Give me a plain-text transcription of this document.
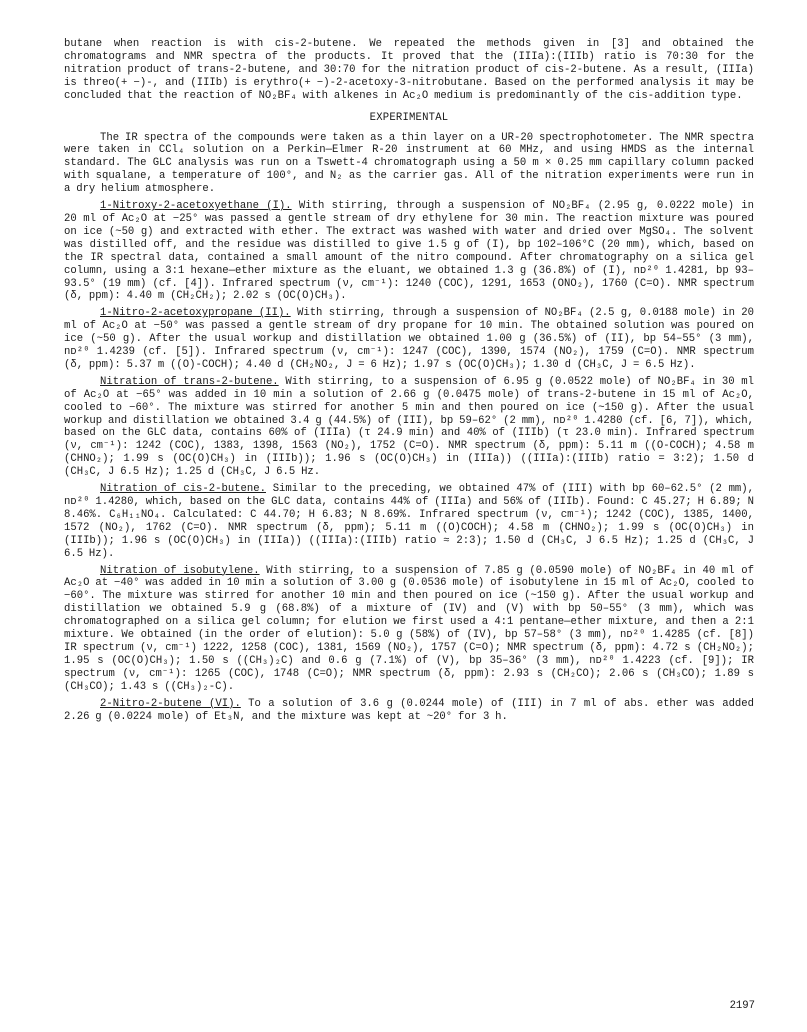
butane when reaction is with cis-2-butene. We repeated the methods given in [3] and obtained the chromatograms and NMR spectra of the products. It proved that the (IIIa):(IIIb) ratio is 70:30 for the nitration product of trans-2-butene, and 30:70 for the nitration product of cis-2-butene. As a result, (IIIa) is threo(+ −)-, and (IIIb) is erythro(+ −)-2-acetoxy-3-nitrobutane. Based on the performed analysis it may be concluded that the reaction of NO₂BF₄ with alkenes in Ac₂O medium is predominantly of the cis-addition type.

EXPERIMENTAL

The IR spectra of the compounds were taken as a thin layer on a UR-20 spectrophotometer. The NMR spectra were taken in CCl₄ solution on a Perkin—Elmer R-20 instrument at 60 MHz, and using HMDS as the internal standard. The GLC analysis was run on a Tswett-4 chromatograph using a 50 m × 0.25 mm capillary column packed with squalane, a temperature of 100°, and N₂ as the carrier gas. All of the nitration experiments were run in a dry helium atmosphere.

1-Nitroxy-2-acetoxyethane (I). With stirring, through a suspension of NO₂BF₄ (2.95 g, 0.0222 mole) in 20 ml of Ac₂O at −25° was passed a gentle stream of dry ethylene for 30 min. The reaction mixture was poured on ice (~50 g) and extracted with ether. The extract was washed with water and dried over MgSO₄. The solvent was distilled off, and the residue was distilled to give 1.5 g of (I), bp 102–106°C (20 mm), which, based on the IR spectral data, contained a small amount of the nitro compound. After chromatography on a silica gel column, using a 3:1 hexane—ether mixture as the eluant, we obtained 1.3 g (36.8%) of (I), nᴅ²⁰ 1.4281, bp 93–93.5° (19 mm) (cf. [4]). Infrared spectrum (ν, cm⁻¹): 1240 (COC), 1291, 1653 (ONO₂), 1760 (C=O). NMR spectrum (δ, ppm): 4.40 m (CH₂CH₂); 2.02 s (OC(O)CH₃).

1-Nitro-2-acetoxypropane (II). With stirring, through a suspension of NO₂BF₄ (2.5 g, 0.0188 mole) in 20 ml of Ac₂O at −50° was passed a gentle stream of dry propane for 10 min. The obtained solution was poured on ice (~50 g). After the usual workup and distillation we obtained 1.00 g (36.5%) of (II), bp 54–55° (3 mm), nᴅ²⁰ 1.4239 (cf. [5]). Infrared spectrum (ν, cm⁻¹): 1247 (COC), 1390, 1574 (NO₂), 1759 (C=O). NMR spectrum (δ, ppm): 5.37 m ((O)-COCH); 4.40 d (CH₂NO₂, J = 6 Hz); 1.97 s (OC(O)CH₃); 1.30 d (CH₃C, J = 6.5 Hz).

Nitration of trans-2-butene. With stirring, to a suspension of 6.95 g (0.0522 mole) of NO₂BF₄ in 30 ml of Ac₂O at −65° was added in 10 min a solution of 2.66 g (0.0475 mole) of trans-2-butene in 15 ml of Ac₂O, cooled to −60°. The mixture was stirred for another 5 min and then poured on ice (~150 g). After the usual workup and distillation we obtained 3.4 g (44.5%) of (III), bp 59–62° (2 mm), nᴅ²⁰ 1.4280 (cf. [6, 7]), which, based on the GLC data, contains 60% of (IIIa) (τ 24.9 min) and 40% of (IIIb) (τ 23.0 min). Infrared spectrum (ν, cm⁻¹): 1242 (COC), 1383, 1398, 1563 (NO₂), 1752 (C=O). NMR spectrum (δ, ppm): 5.11 m ((O-COCH); 4.58 m (CHNO₂); 1.99 s (OC(O)CH₃) in (IIIb)); 1.96 s (OC(O)CH₃) in (IIIa)) ((IIIa):(IIIb) ratio = 3:2); 1.50 d (CH₃C, J 6.5 Hz); 1.25 d (CH₃C, J 6.5 Hz.

Nitration of cis-2-butene. Similar to the preceding, we obtained 47% of (III) with bp 60–62.5° (2 mm), nᴅ²⁰ 1.4280, which, based on the GLC data, contains 44% of (IIIa) and 56% of (IIIb). Found: C 45.27; H 6.89; N 8.46%. C₆H₁₁NO₄. Calculated: C 44.70; H 6.83; N 8.69%. Infrared spectrum (ν, cm⁻¹); 1242 (COC), 1385, 1400, 1572 (NO₂), 1762 (C=O). NMR spectrum (δ, ppm); 5.11 m ((O)COCH); 4.58 m (CHNO₂); 1.99 s (OC(O)CH₃) in (IIIb)); 1.96 s (OC(O)CH₃) in (IIIa)) ((IIIa):(IIIb) ratio ≈ 2:3); 1.50 d (CH₃C, J 6.5 Hz); 1.25 d (CH₃C, J 6.5 Hz).

Nitration of isobutylene. With stirring, to a suspension of 7.85 g (0.0590 mole) of NO₂BF₄ in 40 ml of Ac₂O at −40° was added in 10 min a solution of 3.00 g (0.0536 mole) of isobutylene in 15 ml of Ac₂O, cooled to −60°. The mixture was stirred for another 10 min and then poured on ice (~150 g). After the usual workup and distillation we obtained 5.9 g (68.8%) of a mixture of (IV) and (V) with bp 50–55° (3 mm), which was chromatographed on a silica gel column; for elution we first used a 4:1 pentane—ether mixture, and then a 2:1 mixture. We obtained (in the order of elution): 5.0 g (58%) of (IV), bp 57–58° (3 mm), nᴅ²⁰ 1.4285 (cf. [8]) IR spectrum (ν, cm⁻¹) 1222, 1258 (COC), 1381, 1569 (NO₂), 1757 (C=O); NMR spectrum (δ, ppm): 4.72 s (CH₂NO₂); 1.95 s (OC(O)CH₃); 1.50 s ((CH₃)₂C) and 0.6 g (7.1%) of (V), bp 35–36° (3 mm), nᴅ²⁰ 1.4223 (cf. [9]); IR spectrum (ν, cm⁻¹): 1265 (COC), 1748 (C=O); NMR spectrum (δ, ppm): 2.93 s (CH₂CO); 2.06 s (CH₃CO); 1.89 s (CH₃CO); 1.43 s ((CH₃)₂-C).

2-Nitro-2-butene (VI). To a solution of 3.6 g (0.0244 mole) of (III) in 7 ml of abs. ether was added 2.26 g (0.0224 mole) of Et₃N, and the mixture was kept at ~20° for 3 h.

2197
